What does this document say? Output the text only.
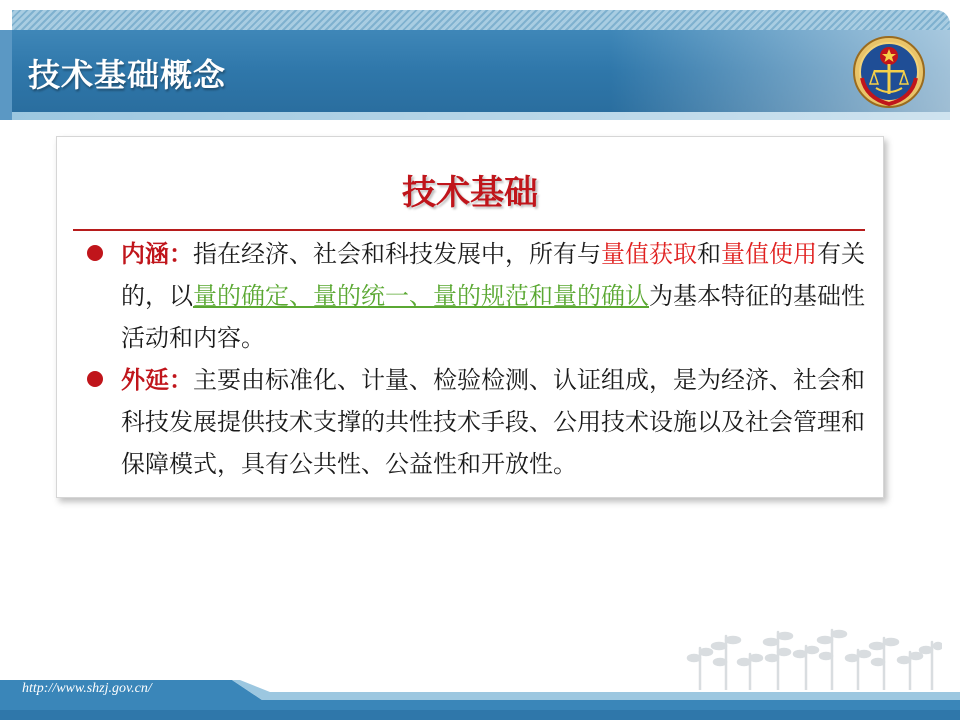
技术基础概念
技术基础
内涵：指在经济、社会和科技发展中，所有与量值获取和量值使用有关的，以量的确定、量的统一、量的规范和量的确认为基本特征的基础性活动和内容。
外延：主要由标准化、计量、检验检测、认证组成，是为经济、社会和科技发展提供技术支撑的共性技术手段、公用技术设施以及社会管理和保障模式，具有公共性、公益性和开放性。
http://www.shzj.gov.cn/
